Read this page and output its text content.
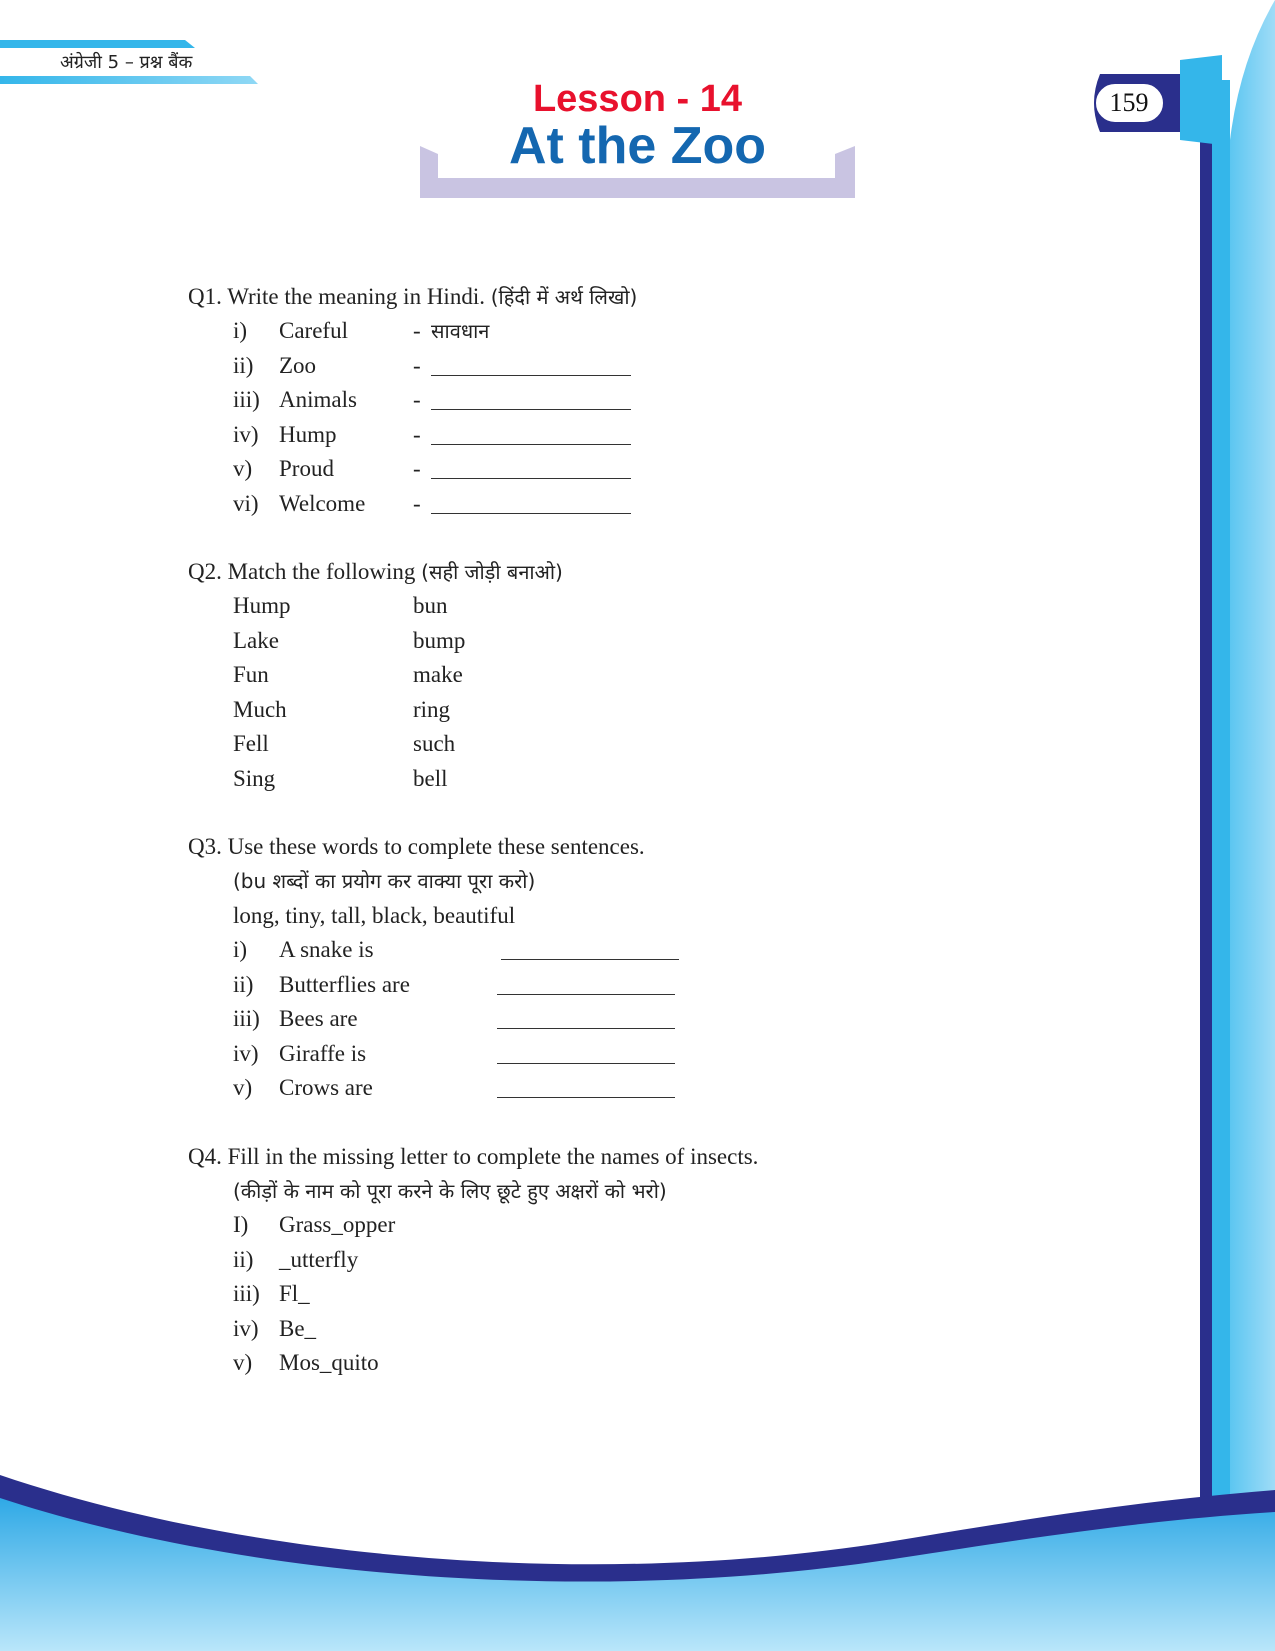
अंग्रेजी 5 – प्रश्न बैंक
159
Lesson - 14
At the Zoo

Q1. Write the meaning in Hindi. (हिंदी में अर्थ लिखो)

i)	Careful	- सावधान
ii)	Zoo	-
iii) Animals	-
iv) Hump	-
v)	Proud	-
vi) Welcome	-

Q2. Match the following (सही जोड़ी बनाओ)

Hump	bun
Lake	bump
Fun	make
Much	ring
Fell	such
Sing	bell

Q3. Use these words to complete these sentences.

(bu शब्दों का प्रयोग कर वाक्या पूरा करो)
long, tiny, tall, black, beautiful
i)	A snake is
ii)	Butterflies are
iii) Bees are
iv) Giraffe is
v)	Crows are

Q4. Fill in the missing letter to complete the names of insects.

(कीड़ों के नाम को पूरा करने के लिए छूटे हुए अक्षरों को भरो)
I)	Grass_opper
ii)	_utterfly
iii) Fl_
iv) Be_
v)	Mos_quito
